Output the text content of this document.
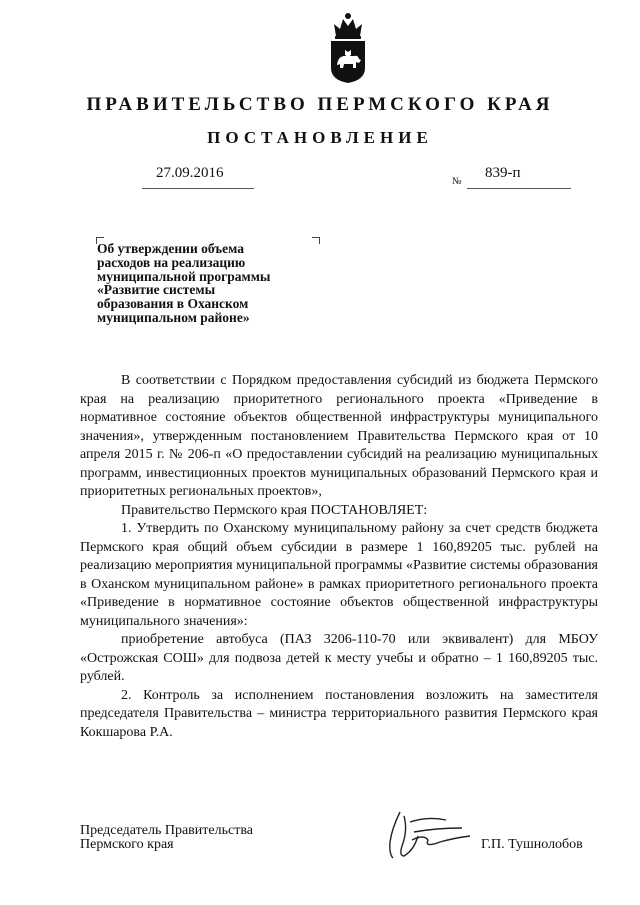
ПРАВИТЕЛЬСТВО ПЕРМСКОГО КРАЯ
ПОСТАНОВЛЕНИЕ
27.09.2016
№
839-п
Об утверждении объема
расходов на реализацию
муниципальной программы
«Развитие системы
образования в Оханском
муниципальном районе»

В соответствии с Порядком предоставления субсидий из бюджета Пермского края на реализацию приоритетного регионального проекта «Приведение в нормативное состояние объектов общественной инфраструктуры муниципального значения», утвержденным постановлением Правительства Пермского края от 10 апреля 2015 г. № 206-п «О предоставлении субсидий на реализацию муниципальных программ, инвестиционных проектов муниципальных образований Пермского края и приоритетных региональных проектов»,

Правительство Пермского края ПОСТАНОВЛЯЕТ:

1. Утвердить по Оханскому муниципальному району за счет средств бюджета Пермского края общий объем субсидии в размере 1 160,89205 тыс. рублей на реализацию мероприятия муниципальной программы «Развитие системы образования в Оханском муниципальном районе» в рамках приоритетного регионального проекта «Приведение в нормативное состояние объектов общественной инфраструктуры муниципального значения»:

приобретение автобуса (ПАЗ 3206-110-70 или эквивалент) для МБОУ «Острожская СОШ» для подвоза детей к месту учебы и обратно – 1 160,89205 тыс. рублей.

2. Контроль за исполнением постановления возложить на заместителя председателя Правительства – министра территориального развития Пермского края Кокшарова Р.А.

Председатель Правительства
Пермского края	Г.П. Тушнолобов
